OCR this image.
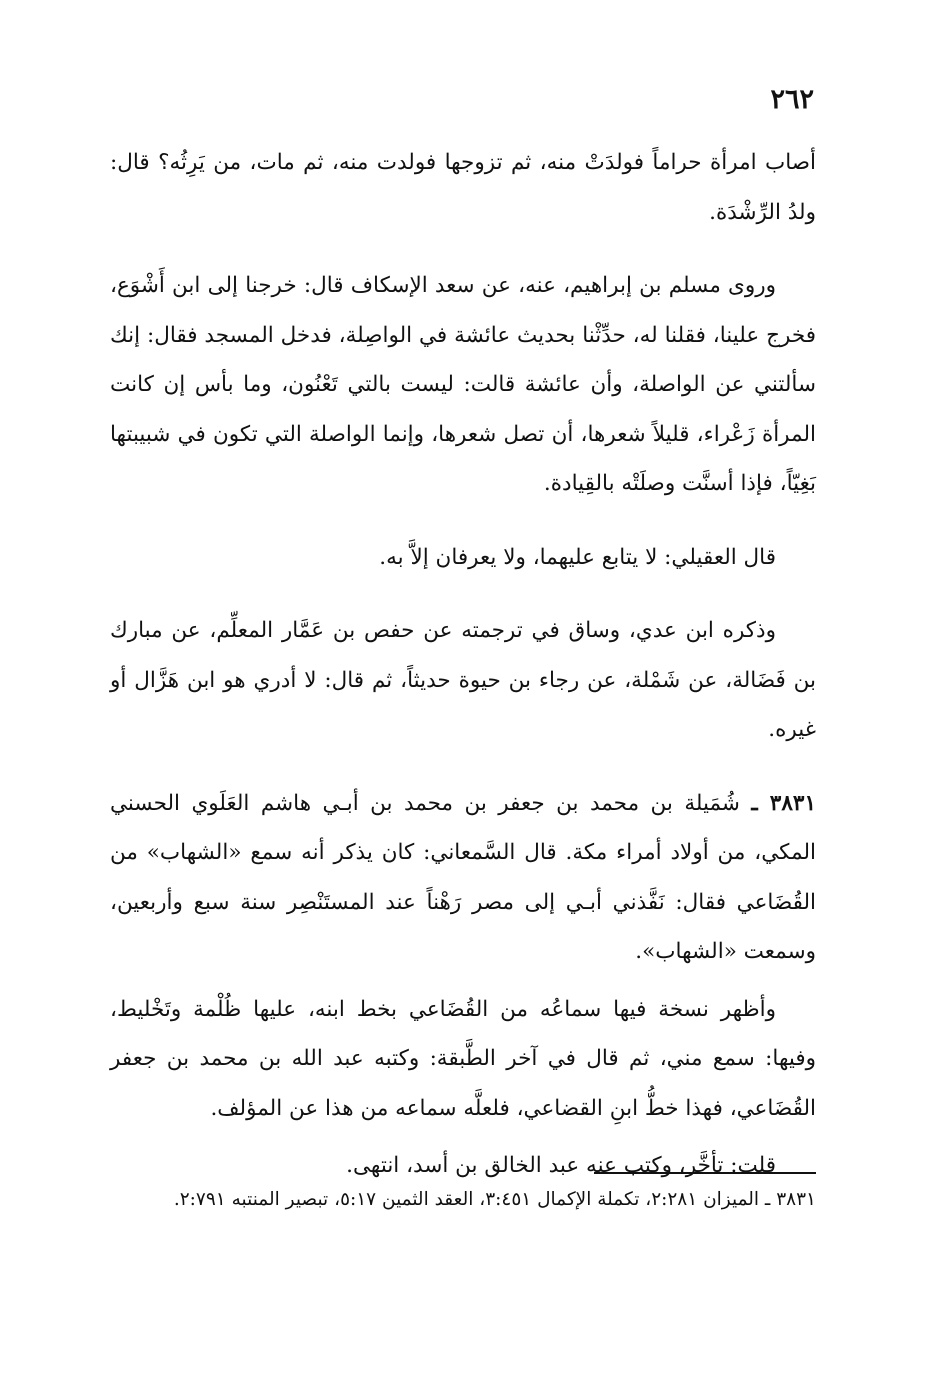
٢٦٢

أصاب امرأة حراماً فولدَتْ منه، ثم تزوجها فولدت منه، ثم مات، من يَرِثُه؟ قال: ولدُ الرِّشْدَة.

وروى مسلم بن إبراهيم، عنه، عن سعد الإسكاف قال: خرجنا إلى ابن أَشْوَع، فخرج علينا، فقلنا له، حدِّثْنا بحديث عائشة في الواصِلة، فدخل المسجد فقال: إنك سألتني عن الواصلة، وأن عائشة قالت: ليست بالتي تَعْنُون، وما بأس إن كانت المرأة زَعْراء، قليلاً شعرها، أن تصل شعرها، وإنما الواصلة التي تكون في شبيبتها بَغِيّاً، فإذا أسنَّت وصلَتْه بالقِيادة.

قال العقيلي: لا يتابع عليهما، ولا يعرفان إلاَّ به.

وذكره ابن عدي، وساق في ترجمته عن حفص بن عَمَّار المعلِّم، عن مبارك بن فَضَالة، عن شَمْلة، عن رجاء بن حيوة حديثاً، ثم قال: لا أدري هو ابن هَزَّال أو غيره.

٣٨٣١ ـ شُمَيلة بن محمد بن جعفر بن محمد بن أبـي هاشم العَلَوي الحسني المكي، من أولاد أمراء مكة. قال السَّمعاني: كان يذكر أنه سمع «الشهاب» من القُضَاعي فقال: نَفَّذني أبـي إلى مصر رَهْناً عند المستَنْصِر سنة سبع وأربعين، وسمعت «الشهاب».

وأظهر نسخة فيها سماعُه من القُضَاعي بخط ابنه، عليها ظُلْمة وتَخْليط، وفيها: سمع مني، ثم قال في آخر الطَّبقة: وكتبه عبد الله بن محمد بن جعفر القُضَاعي، فهذا خطُّ ابنِ القضاعي، فلعلَّه سماعه من هذا عن المؤلف.

قلت: تأخَّر، وكتب عنه عبد الخالق بن أسد، انتهى.

٣٨٣١ ـ الميزان ٢:٢٨١، تكملة الإكمال ٣:٤٥١، العقد الثمين ٥:١٧، تبصير المنتبه ٢:٧٩١.
